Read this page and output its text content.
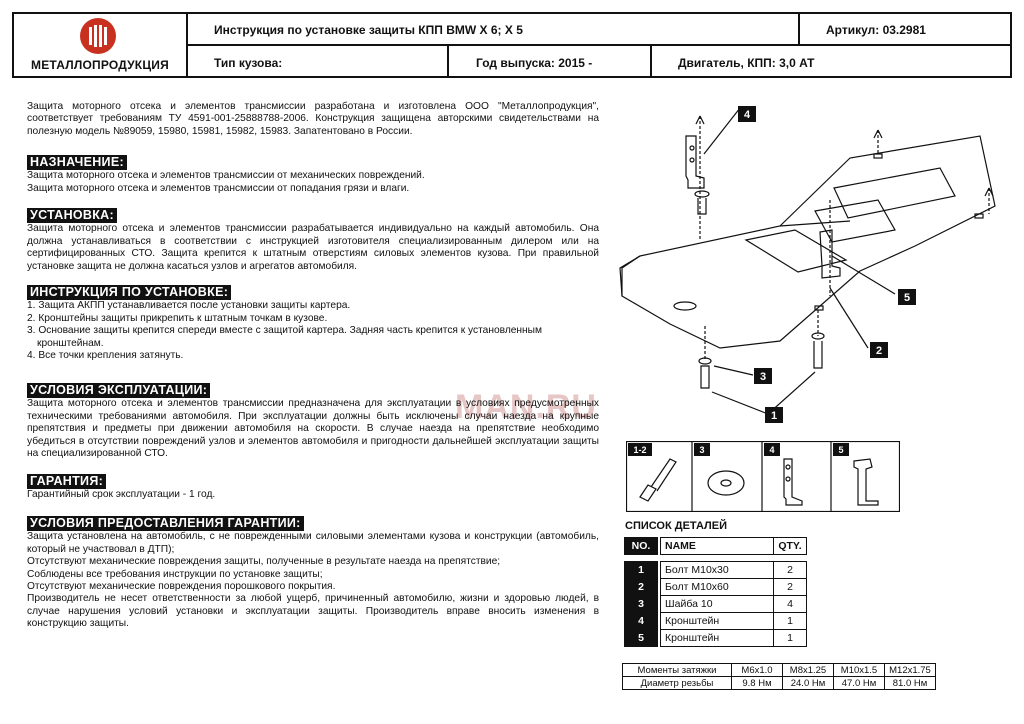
МЕТАЛЛОПРОДУКЦИЯ
Инструкция по установке защиты КПП BMW X 6; X 5	Артикул: 03.2981
Тип кузова:	Год выпуска: 2015 -	Двигатель, КПП: 3,0 АТ
MAN.RU

Защита моторного отсека и элементов трансмиссии разработана и изготовлена ООО "Металлопродукция", соответствует требованиям ТУ 4591-001-25888788-2006. Конструкция защищена авторскими свидетельствами на полезную модель №89059, 15980, 15981, 15982, 15983. Запатентовано в России.

НАЗНАЧЕНИЕ:

Защита моторного отсека и элементов трансмиссии от механических повреждений.

Защита моторного отсека и элементов трансмиссии от попадания грязи и влаги.

УСТАНОВКА:

Защита моторного отсека и элементов трансмиссии разрабатывается индивидуально на каждый автомобиль. Она должна устанавливаться в соответствии с инструкцией изготовителя специализированным дилером или на сертифицированных СТО. Защита крепится к штатным отверстиям силовых элементов кузова. При правильной установке защита не должна касаться узлов и агрегатов автомобиля.

ИНСТРУКЦИЯ ПО УСТАНОВКЕ:
1. Защита АКПП устанавливается после установки защиты картера.
2. Кронштейны защиты прикрепить к штатным точкам в кузове.
3. Основание защиты крепится спереди вместе с защитой картера. Задняя часть крепится к установленным
кронштейнам.
4. Все точки крепления затянуть.
УСЛОВИЯ ЭКСПЛУАТАЦИИ:

Защита моторного отсека и элементов трансмиссии предназначена для эксплуатации в условиях предусмотренных техническими требованиями автомобиля. При эксплуатации должны быть исключены случаи наезда на крупные препятствия и предметы при движении автомобиля на скорости. В случае наезда на препятствие необходимо убедиться в отсутствии повреждений узлов и элементов автомобиля и пригодности дальнейшей эксплуатации защиты на специализированной СТО.

ГАРАНТИЯ:

Гарантийный срок эксплуатации - 1 год.

УСЛОВИЯ ПРЕДОСТАВЛЕНИЯ ГАРАНТИИ:

Защита установлена на автомобиль, с не поврежденными силовыми элементами кузова и конструкции (автомобиль, который не участвовал в ДТП);

Отсутствуют механические повреждения защиты, полученные в результате наезда на препятствие;

Соблюдены все требования инструкции по установке защиты;

Отсутствуют механические повреждения порошкового покрытия.

Производитель не несет ответственности за любой ущерб, причиненный автомобилю, жизни и здоровью людей, в случае нарушения условий установки и эксплуатации защиты. Производитель вправе вносить изменения в конструкцию защиты.

4
5
2
3
1
1-2	3	4	5
СПИСОК ДЕТАЛЕЙ
NO.		NAME	QTY.

1		Болт М10х30	2
2		Болт М10х60	2
3		Шайба 10	4
4		Кронштейн	1
5		Кронштейн	1
Моменты затяжки	М6х1.0	М8х1.25	М10х1.5	М12х1.75
Диаметр резьбы	9.8 Нм	24.0 Нм	47.0 Нм	81.0 Нм
